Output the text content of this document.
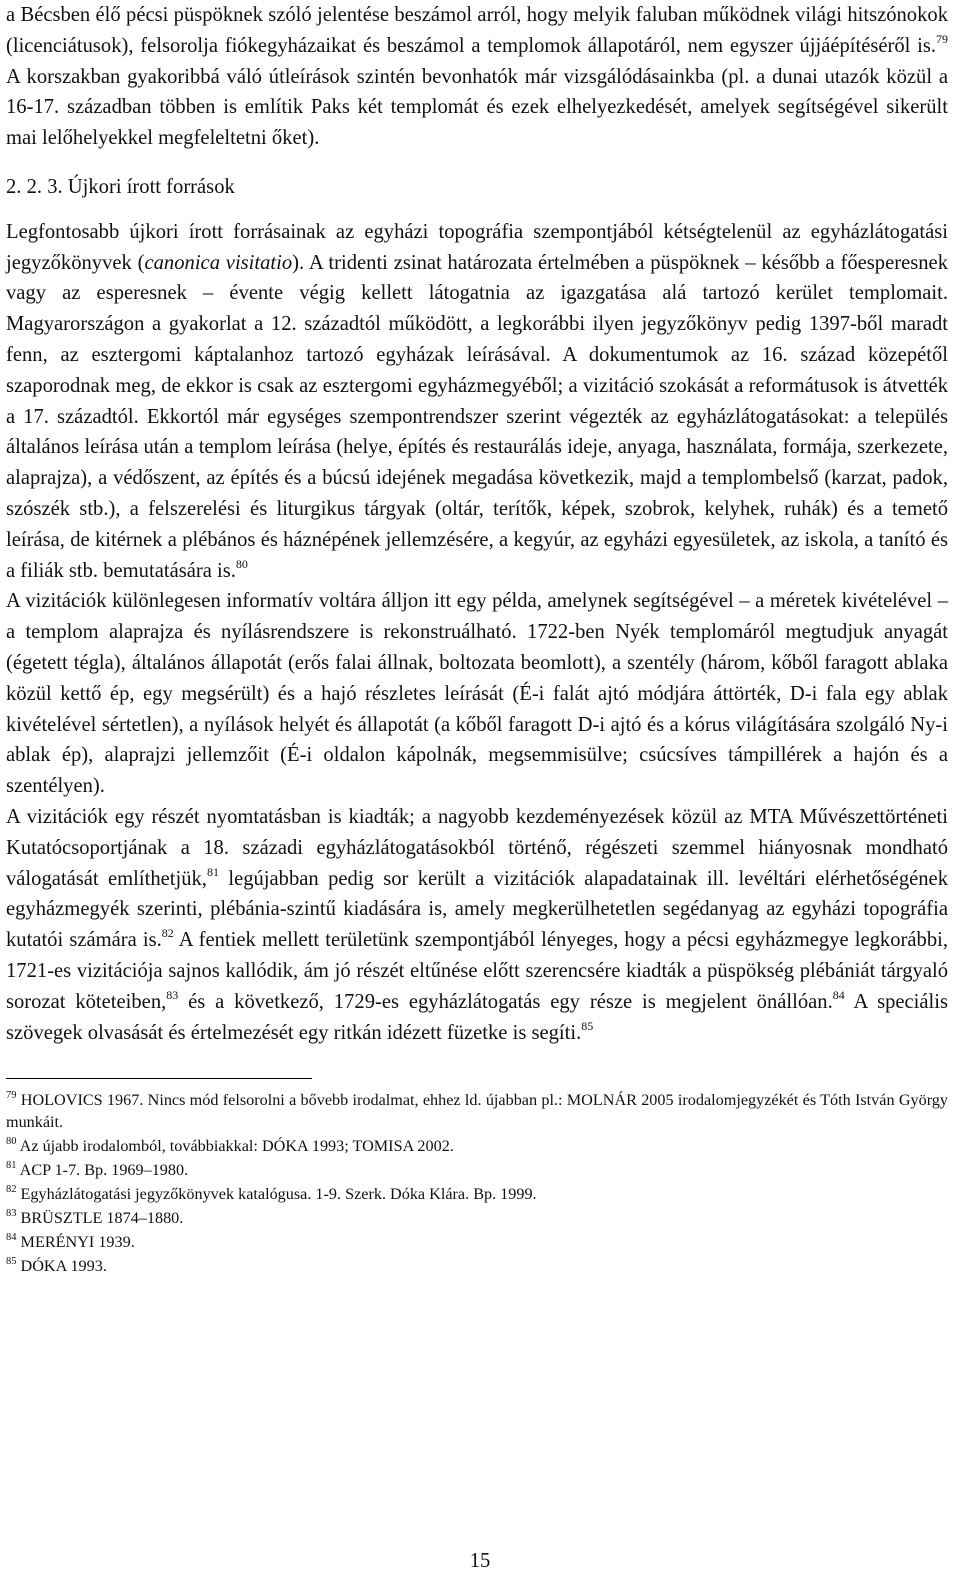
a Bécsben élő pécsi püspöknek szóló jelentése beszámol arról, hogy melyik faluban működnek világi hitszónokok (licenciátusok), felsorolja fiókegyházaikat és beszámol a templomok állapotáról, nem egyszer újjáépítéséről is.$^{79}$ A korszakban gyakoribbá váló útleírások szintén bevonhatók már vizsgálódásainkba (pl. a dunai utazók közül a 16-17. században többen is említik Paks két templomát és ezek elhelyezkedését, amelyek segítségével sikerült mai lelőhelyekkel megfeleltetni őket).

2. 2. 3. Újkori írott források

Legfontosabb újkori írott forrásainak az egyházi topográfia szempontjából kétségtelenül az egyházlátogatási jegyzőkönyvek (canonica visitatio). A tridenti zsinat határozata értelmében a püspöknek – később a főesperesnek vagy az esperesnek – évente végig kellett látogatnia az igazgatása alá tartozó kerület templomait. Magyarországon a gyakorlat a 12. századtól működött, a legkorábbi ilyen jegyzőkönyv pedig 1397-ből maradt fenn, az esztergomi káptalanhoz tartozó egyházak leírásával. A dokumentumok az 16. század közepétől szaporodnak meg, de ekkor is csak az esztergomi egyházmegyéből; a vizitáció szokását a reformátusok is átvették a 17. századtól. Ekkortól már egységes szempontrendszer szerint végezték az egyházlátogatásokat: a település általános leírása után a templom leírása (helye, építés és restaurálás ideje, anyaga, használata, formája, szerkezete, alaprajza), a védőszent, az építés és a búcsú idejének megadása következik, majd a templombelső (karzat, padok, szószék stb.), a felszerelési és liturgikus tárgyak (oltár, terítők, képek, szobrok, kelyhek, ruhák) és a temető leírása, de kitérnek a plébános és háznépének jellemzésére, a kegyúr, az egyházi egyesületek, az iskola, a tanító és a filiák stb. bemutatására is.$^{80}$

A vizitációk különlegesen informatív voltára álljon itt egy példa, amelynek segítségével – a méretek kivételével – a templom alaprajza és nyílásrendszere is rekonstruálható. 1722-ben Nyék templomáról megtudjuk anyagát (égetett tégla), általános állapotát (erős falai állnak, boltozata beomlott), a szentély (három, kőből faragott ablaka közül kettő ép, egy megsérült) és a hajó részletes leírását (É-i falát ajtó módjára áttörték, D-i fala egy ablak kivételével sértetlen), a nyílások helyét és állapotát (a kőből faragott D-i ajtó és a kórus világítására szolgáló Ny-i ablak ép), alaprajzi jellemzőit (É-i oldalon kápolnák, megsemmisülve; csúcsíves támpillérek a hajón és a szentélyen).

A vizitációk egy részét nyomtatásban is kiadták; a nagyobb kezdeményezések közül az MTA Művészettörténeti Kutatócsoportjának a 18. századi egyházlátogatásokból történő, régészeti szemmel hiányosnak mondható válogatását említhetjük,$^{81}$ legújabban pedig sor került a vizitációk alapadatainak ill. levéltári elérhetőségének egyházmegyék szerinti, plébánia-szintű kiadására is, amely megkerülhetetlen segédanyag az egyházi topográfia kutatói számára is.$^{82}$ A fentiek mellett területünk szempontjából lényeges, hogy a pécsi egyházmegye legkorábbi, 1721-es vizitációja sajnos kallódik, ám jó részét eltűnése előtt szerencsére kiadták a püspökség plébániát tárgyaló sorozat köteteiben,$^{83}$ és a következő, 1729-es egyházlátogatás egy része is megjelent önállóan.$^{84}$ A speciális szövegek olvasását és értelmezését egy ritkán idézett füzetke is segíti.$^{85}$

$^{79}$ HOLOVICS 1967. Nincs mód felsorolni a bővebb irodalmat, ehhez ld. újabban pl.: MOLNÁR 2005 irodalomjegyzékét és Tóth István György munkáit.

$^{80}$ Az újabb irodalomból, továbbiakkal: DÓKA 1993; TOMISA 2002.

$^{81}$ ACP 1-7. Bp. 1969–1980.

$^{82}$ Egyházlátogatási jegyzőkönyvek katalógusa. 1-9. Szerk. Dóka Klára. Bp. 1999.

$^{83}$ BRÜSZTLE 1874–1880.

$^{84}$ MERÉNYI 1939.

$^{85}$ DÓKA 1993.

15
